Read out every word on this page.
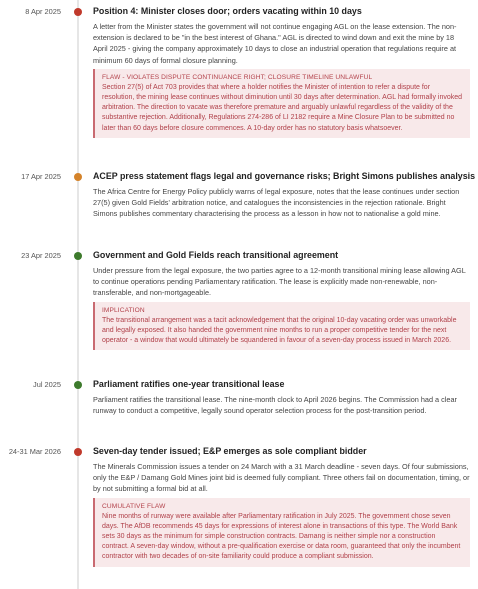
8 Apr 2025	Position 4: Minister closes door; orders vacating within 10 days

A letter from the Minister states the government will not continue engaging AGL on the lease extension. The non-extension is declared to be "in the best interest of Ghana." AGL is directed to wind down and exit the mine by 18 April 2025 - giving the company approximately 10 days to close an industrial operation that regulations require at minimum 60 days of formal closure planning.

FLAW - VIOLATES DISPUTE CONTINUANCE RIGHT; CLOSURE TIMELINE UNLAWFUL

Section 27(5) of Act 703 provides that where a holder notifies the Minister of intention to refer a dispute for resolution, the mining lease continues without diminution until 30 days after determination. AGL had formally invoked arbitration. The direction to vacate was therefore premature and arguably unlawful regardless of the validity of the substantive rejection. Additionally, Regulations 274-286 of LI 2182 require a Mine Closure Plan to be submitted no later than 60 days before closure commences. A 10-day order has no statutory basis whatsoever.

17 Apr 2025	ACEP press statement flags legal and governance risks; Bright Simons publishes analysis

The Africa Centre for Energy Policy publicly warns of legal exposure, notes that the lease continues under section 27(5) given Gold Fields' arbitration notice, and catalogues the inconsistencies in the rejection rationale. Bright Simons publishes commentary characterising the process as a lesson in how not to nationalise a gold mine.

23 Apr 2025	Government and Gold Fields reach transitional agreement

Under pressure from the legal exposure, the two parties agree to a 12-month transitional mining lease allowing AGL to continue operations pending Parliamentary ratification. The lease is explicitly made non-renewable, non-transferable, and non-mortgageable.

IMPLICATION

The transitional arrangement was a tacit acknowledgement that the original 10-day vacating order was unworkable and legally exposed. It also handed the government nine months to run a proper competitive tender for the next operator - a window that would ultimately be squandered in favour of a seven-day process issued in March 2026.

Jul 2025	Parliament ratifies one-year transitional lease

Parliament ratifies the transitional lease. The nine-month clock to April 2026 begins. The Commission had a clear runway to conduct a competitive, legally sound operator selection process for the post-transition period.

24-31 Mar 2026	Seven-day tender issued; E&P emerges as sole compliant bidder

The Minerals Commission issues a tender on 24 March with a 31 March deadline - seven days. Of four submissions, only the E&P / Damang Gold Mines joint bid is deemed fully compliant. Three others fail on documentation, timing, or by not submitting a formal bid at all.

CUMULATIVE FLAW

Nine months of runway were available after Parliamentary ratification in July 2025. The government chose seven days. The AfDB recommends 45 days for expressions of interest alone in transactions of this type. The World Bank sets 30 days as the minimum for simple construction contracts. Damang is neither simple nor a construction contract. A seven-day window, without a pre-qualification exercise or data room, guaranteed that only the incumbent contractor with two decades of on-site familiarity could produce a compliant submission.
